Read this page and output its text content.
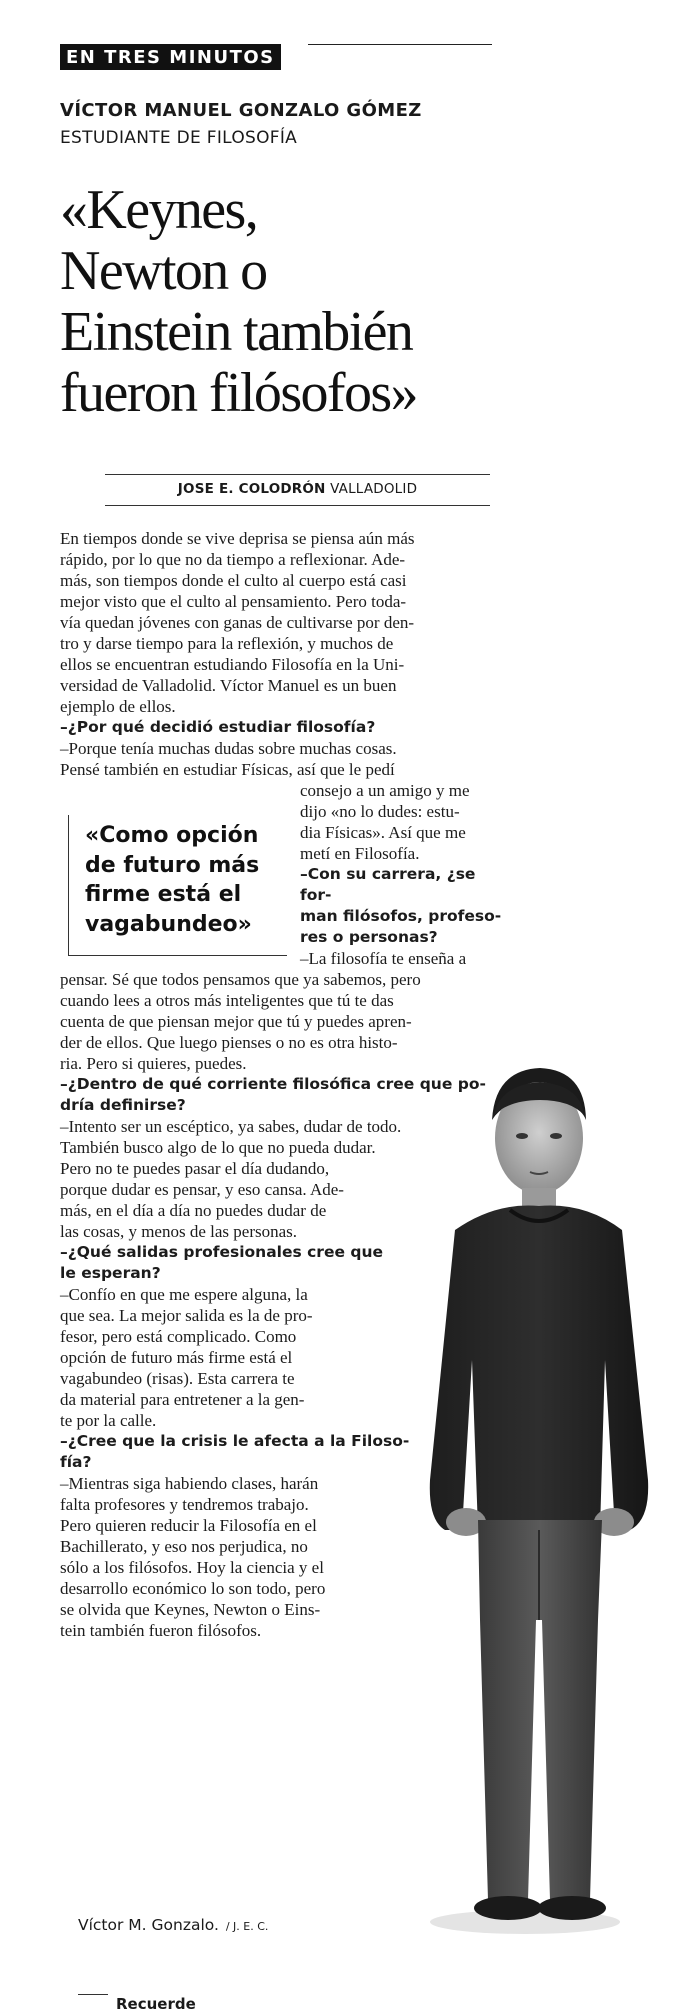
EN TRES MINUTOS
VÍCTOR MANUEL GONZALO GÓMEZ
ESTUDIANTE DE FILOSOFÍA
«Keynes,
Newton o
Einstein también
fueron filósofos»
JOSE E. COLODRÓN VALLADOLID

En tiempos donde se vive deprisa se piensa aún más

rápido, por lo que no da tiempo a reflexionar. Ade-

más, son tiempos donde el culto al cuerpo está casi

mejor visto que el culto al pensamiento. Pero toda-

vía quedan jóvenes con ganas de cultivarse por den-

tro y darse tiempo para la reflexión, y muchos de

ellos se encuentran estudiando Filosofía en la Uni-

versidad de Valladolid. Víctor Manuel es un buen

ejemplo de ellos.

–¿Por qué decidió estudiar filosofía?

–Porque tenía muchas dudas sobre muchas cosas.

Pensé también en estudiar Físicas, así que le pedí

consejo a un amigo y me

dijo «no lo dudes: estu-

dia Físicas». Así que me

metí en Filosofía.

–Con su carrera, ¿se for-

man filósofos, profeso-

res o personas?

–La filosofía te enseña a

«Como opción
de futuro más
firme está el
vagabundeo»

pensar. Sé que todos pensamos que ya sabemos, pero

cuando lees a otros más inteligentes que tú te das

cuenta de que piensan mejor que tú y puedes apren-

der de ellos. Que luego pienses o no es otra histo-

ria. Pero si quieres, puedes.

–¿Dentro de qué corriente filosófica cree que po-

dría definirse?

–Intento ser un escéptico, ya sabes, dudar de todo.

También busco algo de lo que no pueda dudar.

Pero no te puedes pasar el día dudando,

porque dudar es pensar, y eso cansa. Ade-

más, en el día a día no puedes dudar de

las cosas, y menos de las personas.

–¿Qué salidas profesionales cree que

le esperan?

–Confío en que me espere alguna, la

que sea. La mejor salida es la de pro-

fesor, pero está complicado. Como

opción de futuro más firme está el

vagabundeo (risas). Esta carrera te

da material para entretener a la gen-

te por la calle.

–¿Cree que la crisis le afecta a la Filoso-

fía?

–Mientras siga habiendo clases, harán

falta profesores y tendremos trabajo.

Pero quieren reducir la Filosofía en el

Bachillerato, y eso nos perjudica, no

sólo a los filósofos. Hoy la ciencia y el

desarrollo económico lo son todo, pero

se olvida que Keynes, Newton o Eins-

tein también fueron filósofos.

Víctor M. Gonzalo. / J. E. C.
Recuerde
